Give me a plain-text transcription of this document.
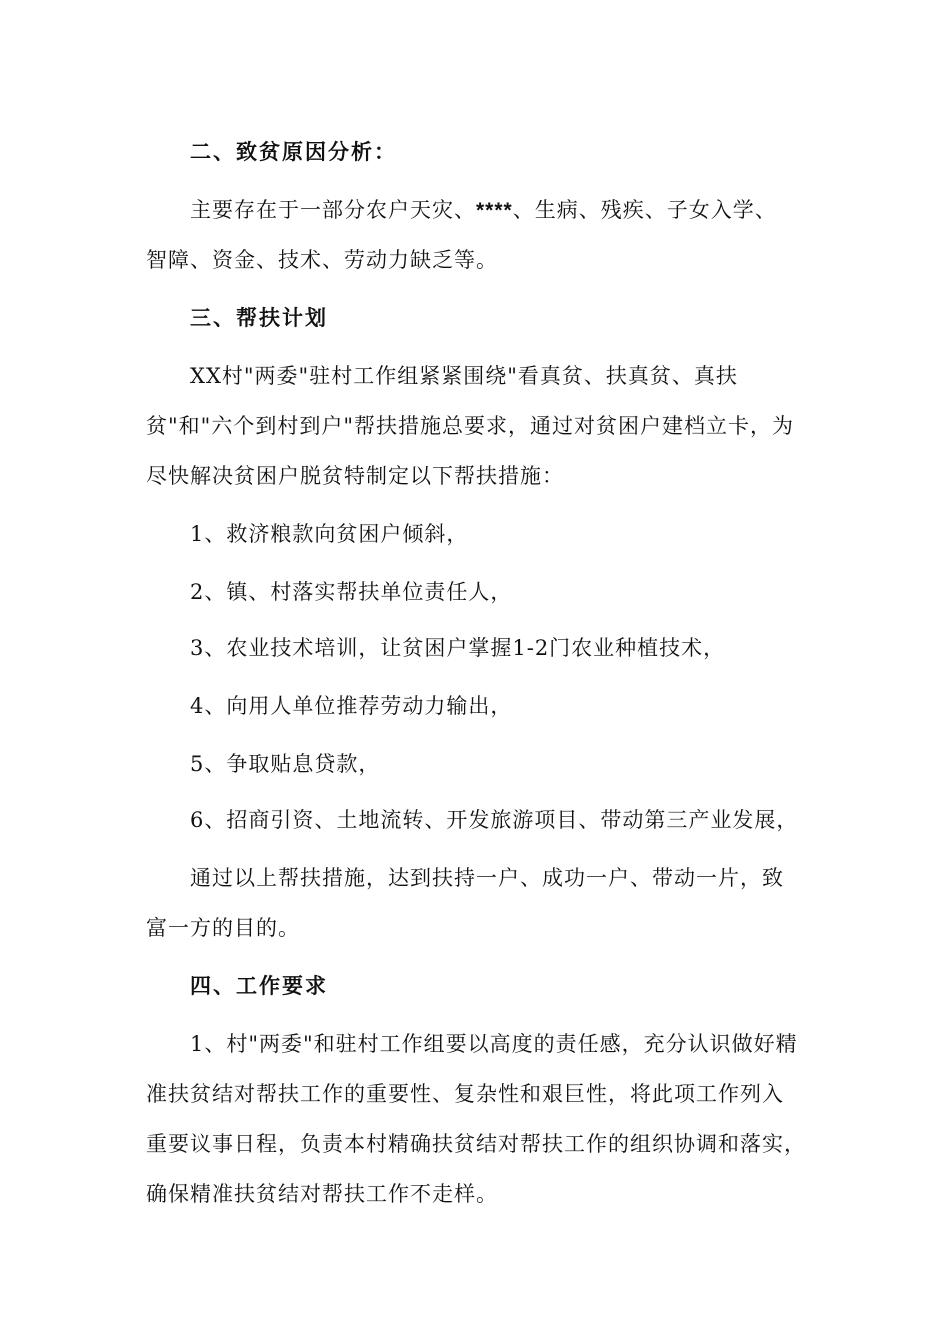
二、致贫原因分析：
主要存在于一部分农户天灾、****、生病、残疾、子女入学、
智障、资金、技术、劳动力缺乏等。
三、帮扶计划
XX村"两委"驻村工作组紧紧围绕"看真贫、扶真贫、真扶
贫"和"六个到村到户"帮扶措施总要求，通过对贫困户建档立卡，为
尽快解决贫困户脱贫特制定以下帮扶措施：
1、救济粮款向贫困户倾斜，
2、镇、村落实帮扶单位责任人，
3、农业技术培训，让贫困户掌握1-2门农业种植技术，
4、向用人单位推荐劳动力输出，
5、争取贴息贷款，
6、招商引资、土地流转、开发旅游项目、带动第三产业发展，
通过以上帮扶措施，达到扶持一户、成功一户、带动一片，致
富一方的目的。
四、工作要求
1、村"两委"和驻村工作组要以高度的责任感，充分认识做好精
准扶贫结对帮扶工作的重要性、复杂性和艰巨性，将此项工作列入
重要议事日程，负责本村精确扶贫结对帮扶工作的组织协调和落实，
确保精准扶贫结对帮扶工作不走样。
